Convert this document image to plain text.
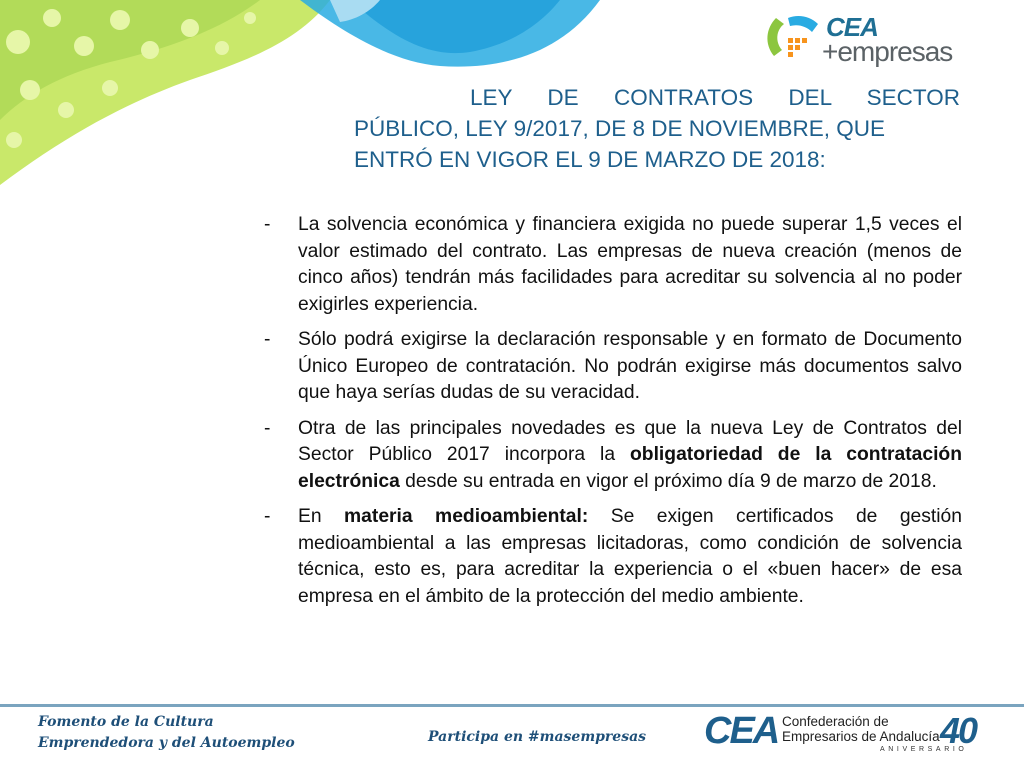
CEA
+empresas
LEY DE CONTRATOS DEL SECTOR
PÚBLICO, LEY 9/2017, DE 8 DE NOVIEMBRE, QUE
ENTRÓ EN VIGOR EL 9 DE MARZO DE 2018:
- La solvencia económica y financiera exigida no puede superar 1,5 veces el valor estimado del contrato. Las empresas de nueva creación (menos de cinco años) tendrán más facilidades para acreditar su solvencia al no poder exigirles experiencia.
- Sólo podrá exigirse la declaración responsable y en formato de Documento Único Europeo de contratación. No podrán exigirse más documentos salvo que haya serías dudas de su veracidad.
- Otra de las principales novedades es que la nueva Ley de Contratos del Sector Público 2017 incorpora la obligatoriedad de la contratación electrónica desde su entrada en vigor el próximo día 9 de marzo de 2018.
- En materia medioambiental: Se exigen certificados de gestión medioambiental a las empresas licitadoras, como condición de solvencia técnica, esto es, para acreditar la experiencia o el «buen hacer» de esa empresa en el ámbito de la protección del medio ambiente.
Fomento de la Cultura
Emprendedora y del Autoempleo	Participa en #masempresas CEA Confederación de
Empresarios de Andalucía 40
ANIVERSARIO
